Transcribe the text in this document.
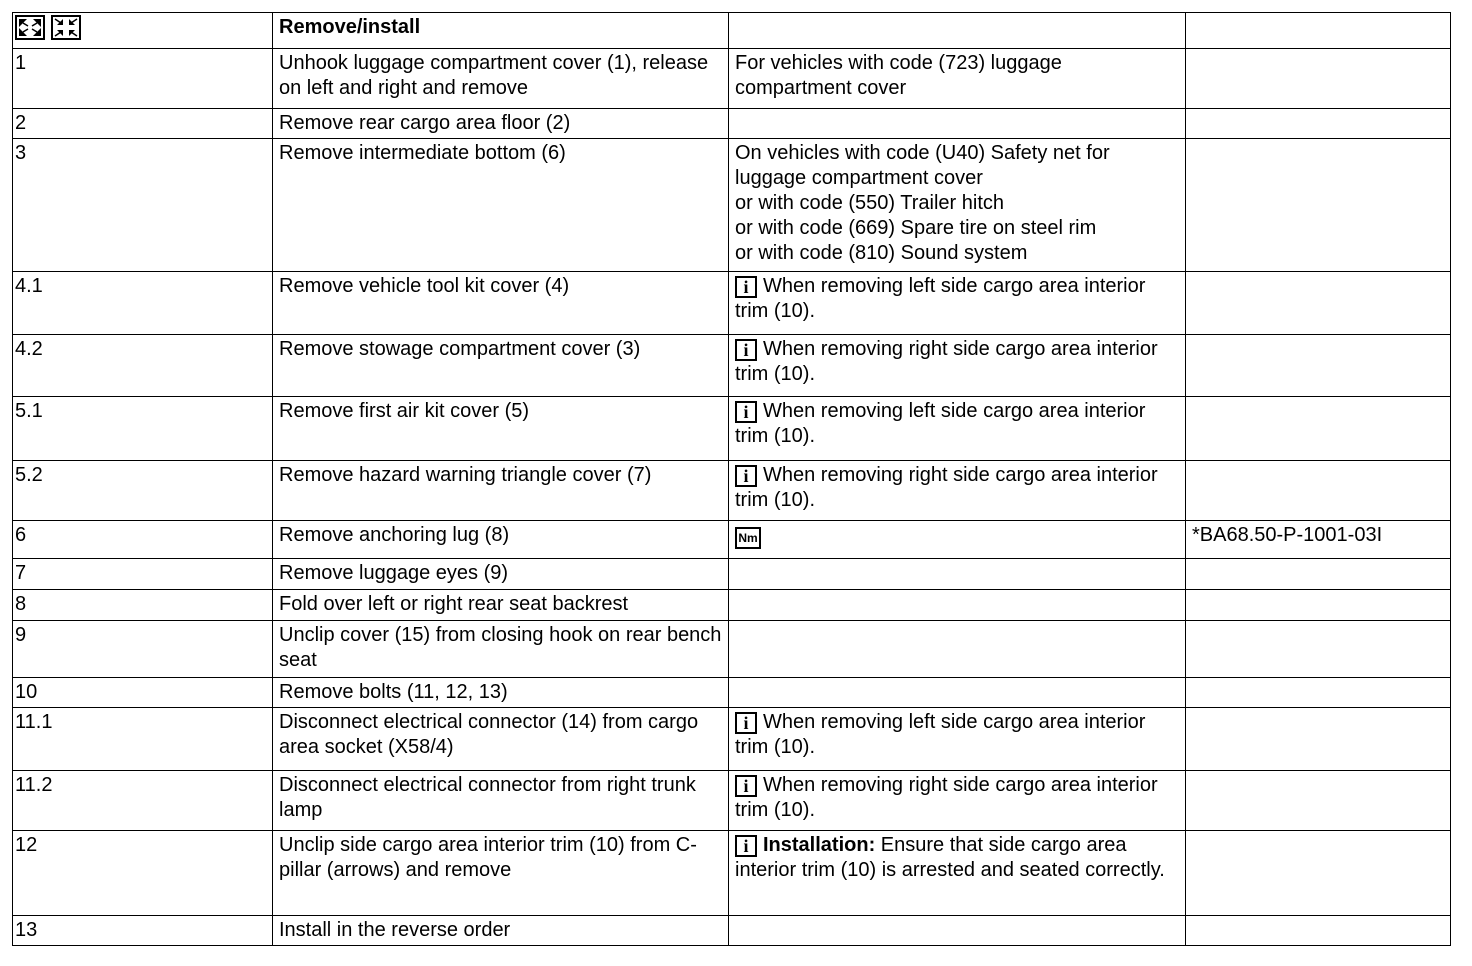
	Remove/install		
1	Unhook luggage compartment cover (1), release on left and right and remove	For vehicles with code (723) luggage
compartment cover	

2	Remove rear cargo area floor (2)		
3	Remove intermediate bottom (6)	On vehicles with code (U40) Safety net for
luggage compartment cover
or with code (550) Trailer hitch
or with code (669) Spare tire on steel rim
or with code (810) Sound system	

4.1	Remove vehicle tool kit cover (4)	i When removing left side cargo area interior trim (10).	
4.2	Remove stowage compartment cover (3)	i When removing right side cargo area interior trim (10).	
5.1	Remove first air kit cover (5)	i When removing left side cargo area interior trim (10).	
5.2	Remove hazard warning triangle cover (7)	i When removing right side cargo area interior trim (10).	
6	Remove anchoring lug (8)	Nm	*BA68.50-P-1001-03I
7	Remove luggage eyes (9)		
8	Fold over left or right rear seat backrest		
9	Unclip cover (15) from closing hook on rear bench seat		
10	Remove bolts (11, 12, 13)		
11.1	Disconnect electrical connector (14) from cargo area socket (X58/4)	i When removing left side cargo area interior trim (10).	
11.2	Disconnect electrical connector from right trunk lamp	i When removing right side cargo area interior trim (10).	
12	Unclip side cargo area interior trim (10) from C-pillar (arrows) and remove	i Installation: Ensure that side cargo area interior trim (10) is arrested and seated correctly.	
13	Install in the reverse order		
